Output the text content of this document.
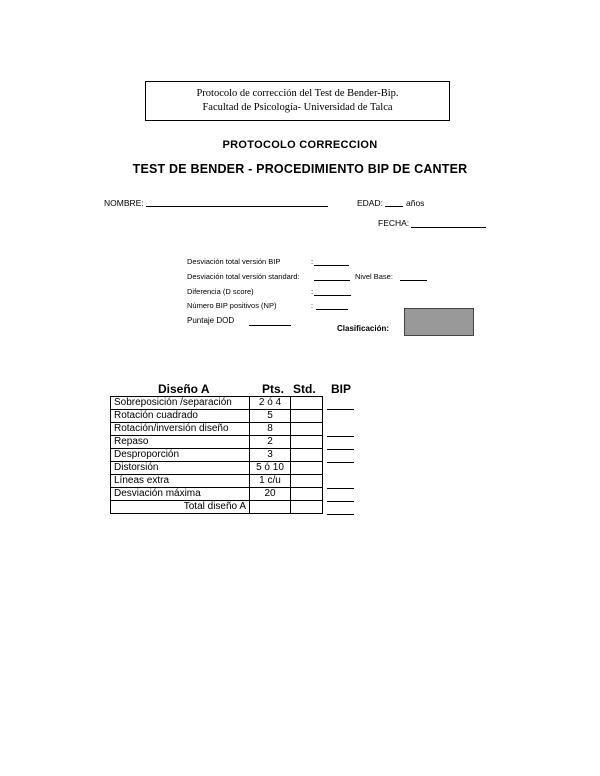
Protocolo de corrección del Test de Bender-Bip.
Facultad de Psicología- Universidad de Talca
PROTOCOLO CORRECCION
TEST DE BENDER - PROCEDIMIENTO BIP DE CANTER
NOMBRE:	EDAD:	años
FECHA:
Desviación total versión BIP	:
Desviación total versión standard:	Nivel Base:
Diferencia (D score)	:
Número BIP positivos (NP)	:
Puntaje DOD
Clasificación:
Diseño A	Pts. Std. BIP
Sobreposición /separación	2 ó 4	
Rotación cuadrado	5	
Rotación/inversión diseño	8	
Repaso	2	
Desproporción	3	
Distorsión	5 ó 10	
Líneas extra	1 c/u	
Desviación máxima	20	
Total diseño A		
